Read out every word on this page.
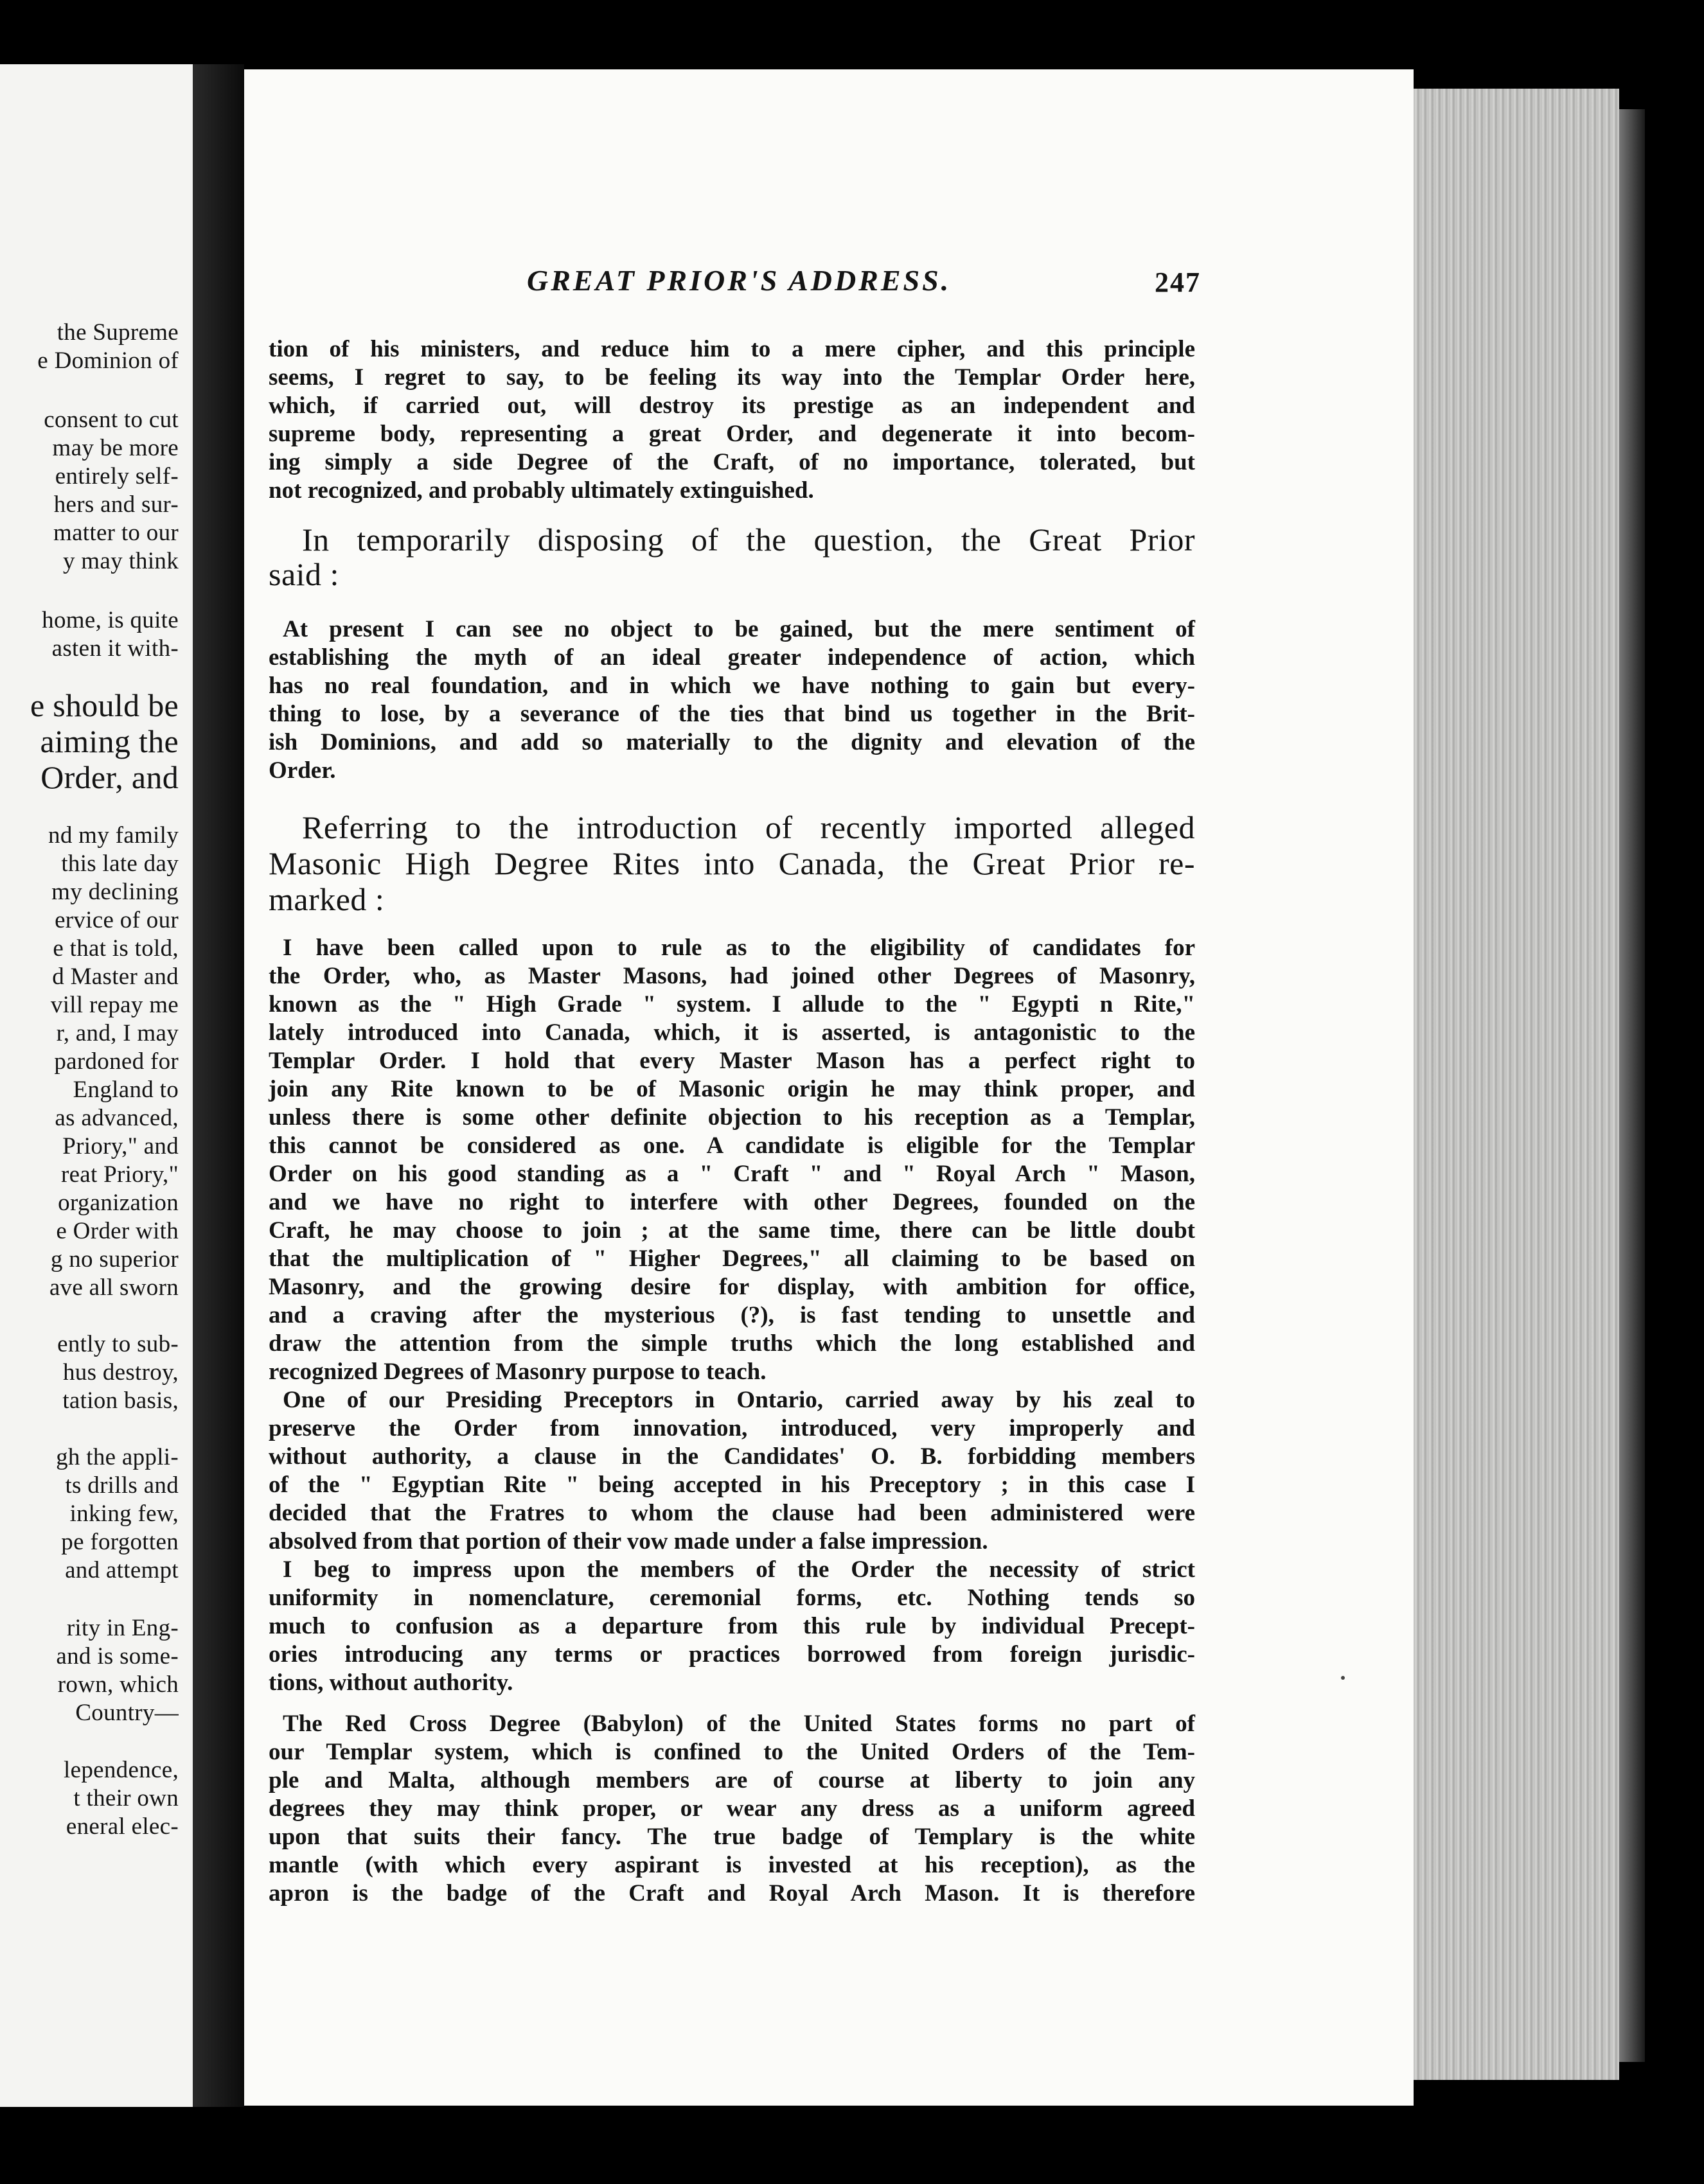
the Supreme
e Dominion of
consent to cut
may be more
entirely self-
hers and sur-
matter to our
y may think
home, is quite
asten it with-
e should be
aiming the
Order, and
nd my family
this late day
my declining
ervice of our
e that is told,
d Master and
vill repay me
r, and, I may
pardoned for
England to
as advanced,
Priory," and
reat Priory,"
organization
e Order with
g no superior
ave all sworn
ently to sub-
hus destroy,
tation basis,
gh the appli-
ts drills and
inking few,
pe forgotten
and attempt
rity in Eng-
and is some-
rown, which
Country—
lependence,
t their own
eneral elec-
GREAT PRIOR'S ADDRESS.	247
tion of his ministers, and reduce him to a mere cipher, and this principle
seems, I regret to say, to be feeling its way into the Templar Order here,
which, if carried out, will destroy its prestige as an independent and
supreme body, representing a great Order, and degenerate it into becom-
ing simply a side Degree of the Craft, of no importance, tolerated, but
not recognized, and probably ultimately extinguished.
In temporarily disposing of the question, the Great Prior
said :
At present I can see no object to be gained, but the mere sentiment of
establishing the myth of an ideal greater independence of action, which
has no real foundation, and in which we have nothing to gain but every-
thing to lose, by a severance of the ties that bind us together in the Brit-
ish Dominions, and add so materially to the dignity and elevation of the
Order.
Referring to the introduction of recently imported alleged
Masonic High Degree Rites into Canada, the Great Prior re-
marked :
I have been called upon to rule as to the eligibility of candidates for
the Order, who, as Master Masons, had joined other Degrees of Masonry,
known as the " High Grade " system. I allude to the " Egypti n Rite,"
lately introduced into Canada, which, it is asserted, is antagonistic to the
Templar Order. I hold that every Master Mason has a perfect right to
join any Rite known to be of Masonic origin he may think proper, and
unless there is some other definite objection to his reception as a Templar,
this cannot be considered as one. A candidate is eligible for the Templar
Order on his good standing as a " Craft " and " Royal Arch " Mason,
and we have no right to interfere with other Degrees, founded on the
Craft, he may choose to join ; at the same time, there can be little doubt
that the multiplication of " Higher Degrees," all claiming to be based on
Masonry, and the growing desire for display, with ambition for office,
and a craving after the mysterious (?), is fast tending to unsettle and
draw the attention from the simple truths which the long established and
recognized Degrees of Masonry purpose to teach.
One of our Presiding Preceptors in Ontario, carried away by his zeal to
preserve the Order from innovation, introduced, very improperly and
without authority, a clause in the Candidates' O. B. forbidding members
of the " Egyptian Rite " being accepted in his Preceptory ; in this case I
decided that the Fratres to whom the clause had been administered were
absolved from that portion of their vow made under a false impression.
I beg to impress upon the members of the Order the necessity of strict
uniformity in nomenclature, ceremonial forms, etc. Nothing tends so
much to confusion as a departure from this rule by individual Precept-
ories introducing any terms or practices borrowed from foreign jurisdic-
tions, without authority.
The Red Cross Degree (Babylon) of the United States forms no part of
our Templar system, which is confined to the United Orders of the Tem-
ple and Malta, although members are of course at liberty to join any
degrees they may think proper, or wear any dress as a uniform agreed
upon that suits their fancy. The true badge of Templary is the white
mantle (with which every aspirant is invested at his reception), as the
apron is the badge of the Craft and Royal Arch Mason. It is therefore
